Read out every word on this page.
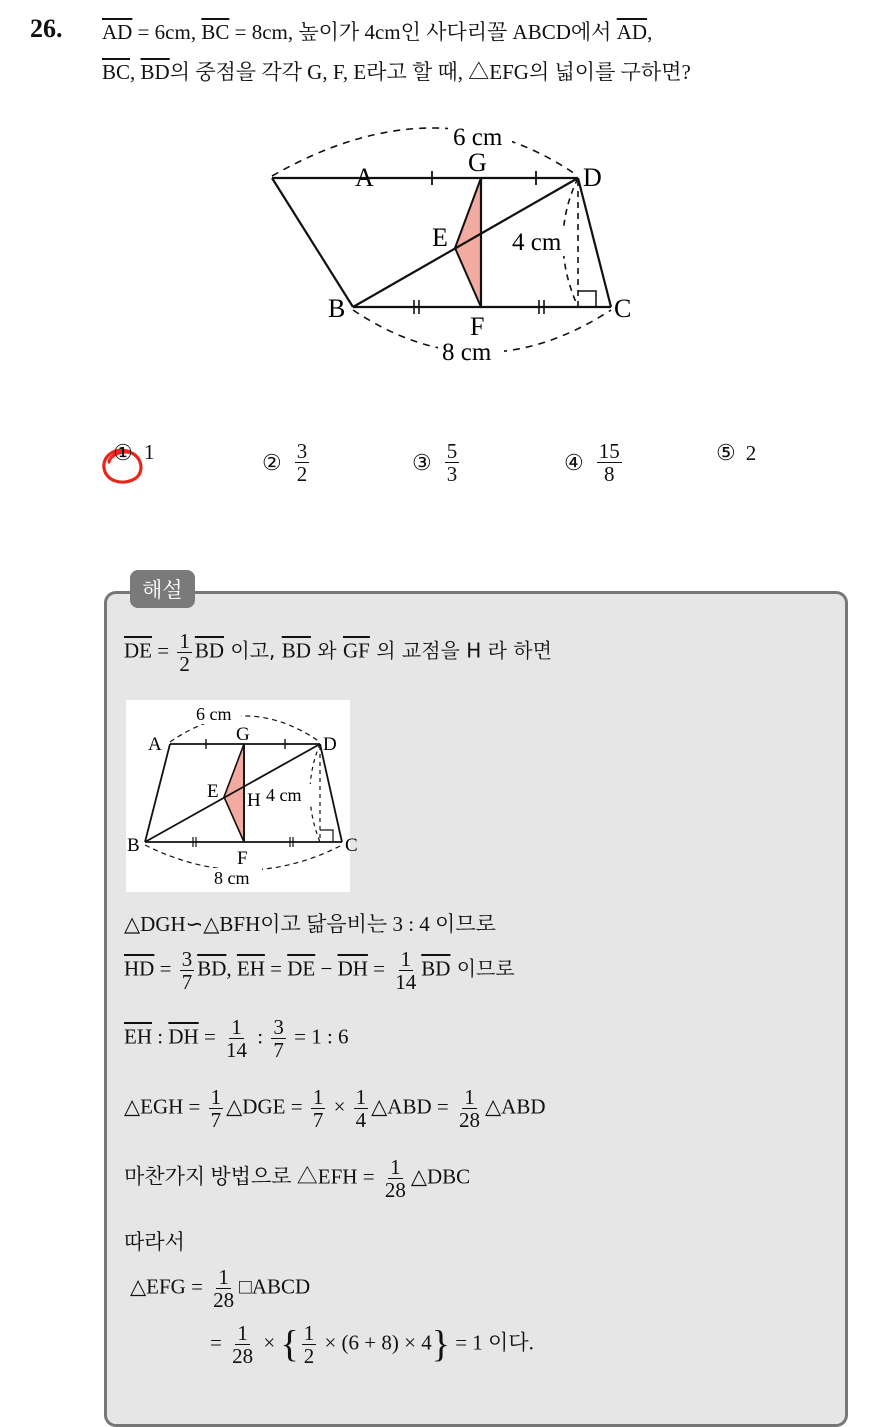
26. $\overline{AD} = 6cm$, $\overline{BC} = 8cm$, 높이가 4cm인 사다리꼴 ABCD에서 $\overline{AD}$,
$\overline{BC}$, $\overline{BD}$의 중점을 각각 G, F, E라고 할 때, △EFG의 넓이를 구하면?
6 cm
8 cm
4 cm
A
G
D
E
B
F
C
① 1	② $\frac{3}{2}$	③ $\frac{5}{3}$	④ $\frac{15}{8}$	⑤ 2
해설
$\overline{DE} = \frac{1}{2} \overline{BD}$ 이고, $\overline{BD}$ 와 $\overline{GF}$ 의 교점을 H 라 하면
6 cm
8 cm
4 cm
A	G	D
E H
B
F
C
△DGH∽△BFH이고 닮음비는 3 : 4 이므로
$\overline{HD} = \frac{3}{7} \overline{BD}$, $\overline{EH} = \overline{DE} - \overline{DH} = \frac{1}{14} \overline{BD}$ 이므로
$\overline{EH}$ : $\overline{DH} = \frac{1}{14}$ : $\frac{3}{7} = 1$ : 6
△EGH = $\frac{1}{7}$ △DGE = $\frac{1}{7} \times \frac{1}{4}$ △ABD = $\frac{1}{28}$ △ABD
마찬가지 방법으로 △EFH = $\frac{1}{28}$ △DBC
따라서
△EFG = $\frac{1}{28}$ □ABCD
= $\frac{1}{28}$ × { $\frac{1}{2} \times (6 + 8) \times 4\} = 1$ 이다.
